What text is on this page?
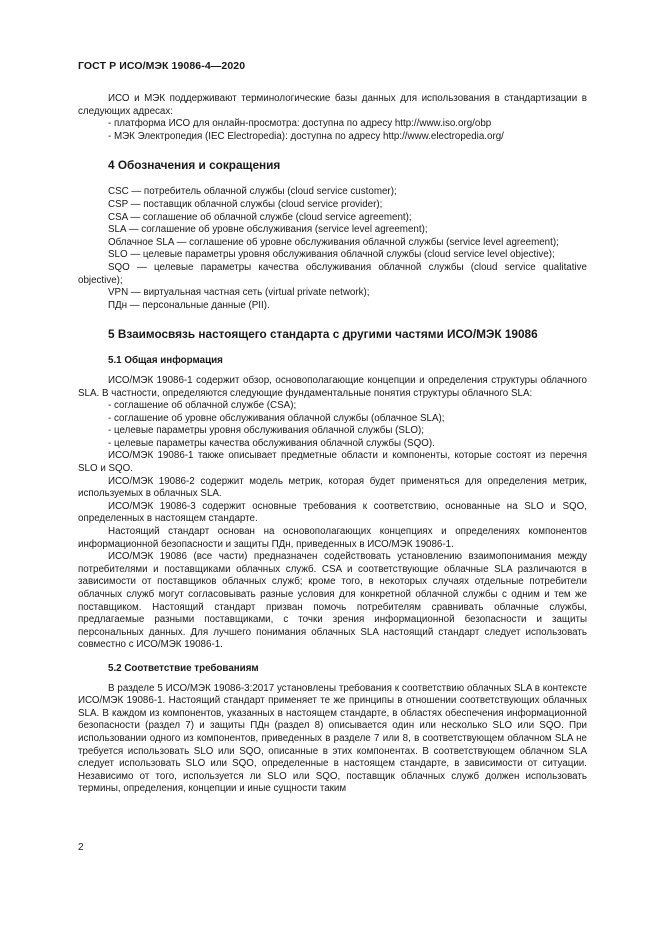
ГОСТ Р ИСО/МЭК 19086-4—2020

ИСО и МЭК поддерживают терминологические базы данных для использования в стандартизации в следующих адресах:

- платформа ИСО для онлайн-просмотра: доступна по адресу http://www.iso.org/obp

- МЭК Электропедия (IEC Electropedia): доступна по адресу http://www.electropedia.org/

4 Обозначения и сокращения

CSC — потребитель облачной службы (cloud service customer);

CSP — поставщик облачной службы (cloud service provider);

CSA — соглашение об облачной службе (cloud service agreement);

SLA — соглашение об уровне обслуживания (service level agreement);

Облачное SLA — соглашение об уровне обслуживания облачной службы (service level agreement);

SLO — целевые параметры уровня обслуживания облачной службы (cloud service level objective);

SQO — целевые параметры качества обслуживания облачной службы (cloud service qualitative objective);

VPN — виртуальная частная сеть (virtual private network);

ПДн — персональные данные (PII).

5 Взаимосвязь настоящего стандарта с другими частями ИСО/МЭК 19086
5.1 Общая информация

ИСО/МЭК 19086-1 содержит обзор, основополагающие концепции и определения структуры облачного SLA. В частности, определяются следующие фундаментальные понятия структуры облачного SLA:

- соглашение об облачной службе (CSA);

- соглашение об уровне обслуживания облачной службы (облачное SLA);

- целевые параметры уровня обслуживания облачной службы (SLO);

- целевые параметры качества обслуживания облачной службы (SQO).

ИСО/МЭК 19086-1 также описывает предметные области и компоненты, которые состоят из перечня SLO и SQO.

ИСО/МЭК 19086-2 содержит модель метрик, которая будет применяться для определения метрик, используемых в облачных SLA.

ИСО/МЭК 19086-3 содержит основные требования к соответствию, основанные на SLO и SQO, определенных в настоящем стандарте.

Настоящий стандарт основан на основополагающих концепциях и определениях компонентов информационной безопасности и защиты ПДн, приведенных в ИСО/МЭК 19086-1.

ИСО/МЭК 19086 (все части) предназначен содействовать установлению взаимопонимания между потребителями и поставщиками облачных служб. CSA и соответствующие облачные SLA различаются в зависимости от поставщиков облачных служб; кроме того, в некоторых случаях отдельные потребители облачных служб могут согласовывать разные условия для конкретной облачной службы с одним и тем же поставщиком. Настоящий стандарт призван помочь потребителям сравнивать облачные службы, предлагаемые разными поставщиками, с точки зрения информационной безопасности и защиты персональных данных. Для лучшего понимания облачных SLA настоящий стандарт следует использовать совместно с ИСО/МЭК 19086-1.

5.2 Соответствие требованиям

В разделе 5 ИСО/МЭК 19086-3:2017 установлены требования к соответствию облачных SLA в контексте ИСО/МЭК 19086-1. Настоящий стандарт применяет те же принципы в отношении соответствующих облачных SLA. В каждом из компонентов, указанных в настоящем стандарте, в областях обеспечения информационной безопасности (раздел 7) и защиты ПДн (раздел 8) описывается один или несколько SLO или SQO. При использовании одного из компонентов, приведенных в разделе 7 или 8, в соответствующем облачном SLA не требуется использовать SLO или SQO, описанные в этих компонентах. В соответствующем облачном SLA следует использовать SLO или SQO, определенные в настоящем стандарте, в зависимости от ситуации. Независимо от того, используется ли SLO или SQO, поставщик облачных служб должен использовать термины, определения, концепции и иные сущности таким

2
